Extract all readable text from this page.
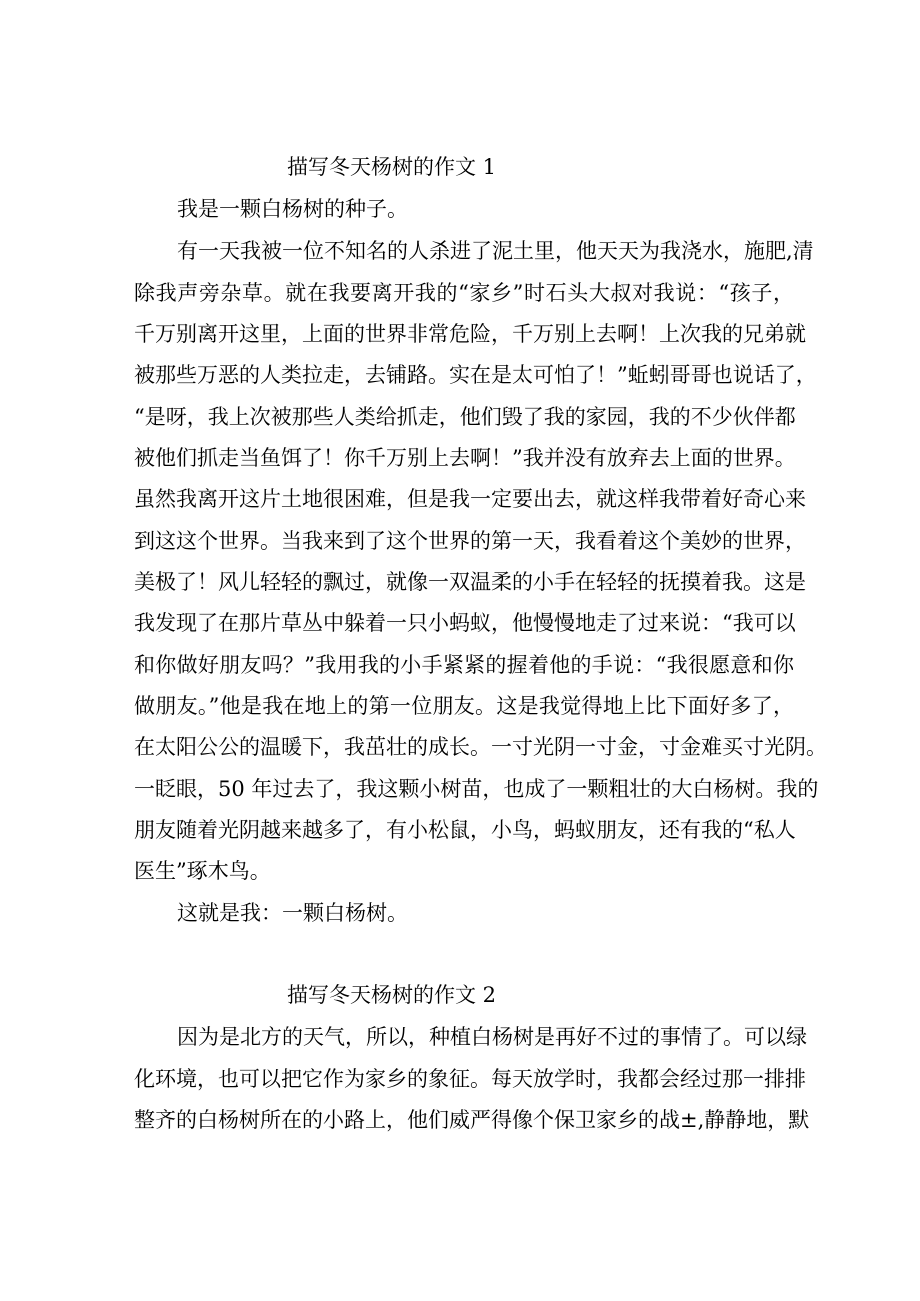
描写冬天杨树的作文 1
我是一颗白杨树的种子。
有一天我被一位不知名的人杀进了泥土里，他天天为我浇水，施肥,清
除我声旁杂草。就在我要离开我的“家乡”时石头大叔对我说：“孩子，
千万别离开这里，上面的世界非常危险，千万别上去啊！上次我的兄弟就
被那些万恶的人类拉走，去铺路。实在是太可怕了！”蚯蚓哥哥也说话了，
“是呀，我上次被那些人类给抓走，他们毁了我的家园，我的不少伙伴都
被他们抓走当鱼饵了！你千万别上去啊！”我并没有放弃去上面的世界。
虽然我离开这片土地很困难，但是我一定要出去，就这样我带着好奇心来
到这这个世界。当我来到了这个世界的第一天，我看着这个美妙的世界，
美极了！风儿轻轻的飘过，就像一双温柔的小手在轻轻的抚摸着我。这是
我发现了在那片草丛中躲着一只小蚂蚁，他慢慢地走了过来说：“我可以
和你做好朋友吗？”我用我的小手紧紧的握着他的手说：“我很愿意和你
做朋友。”他是我在地上的第一位朋友。这是我觉得地上比下面好多了，
在太阳公公的温暖下，我茁壮的成长。一寸光阴一寸金，寸金难买寸光阴。
一眨眼，50 年过去了，我这颗小树苗，也成了一颗粗壮的大白杨树。我的
朋友随着光阴越来越多了，有小松鼠，小鸟，蚂蚁朋友，还有我的“私人
医生”琢木鸟。
这就是我：一颗白杨树。
描写冬天杨树的作文 2
因为是北方的天气，所以，种植白杨树是再好不过的事情了。可以绿
化环境，也可以把它作为家乡的象征。每天放学时，我都会经过那一排排
整齐的白杨树所在的小路上，他们威严得像个保卫家乡的战±,静静地，默
